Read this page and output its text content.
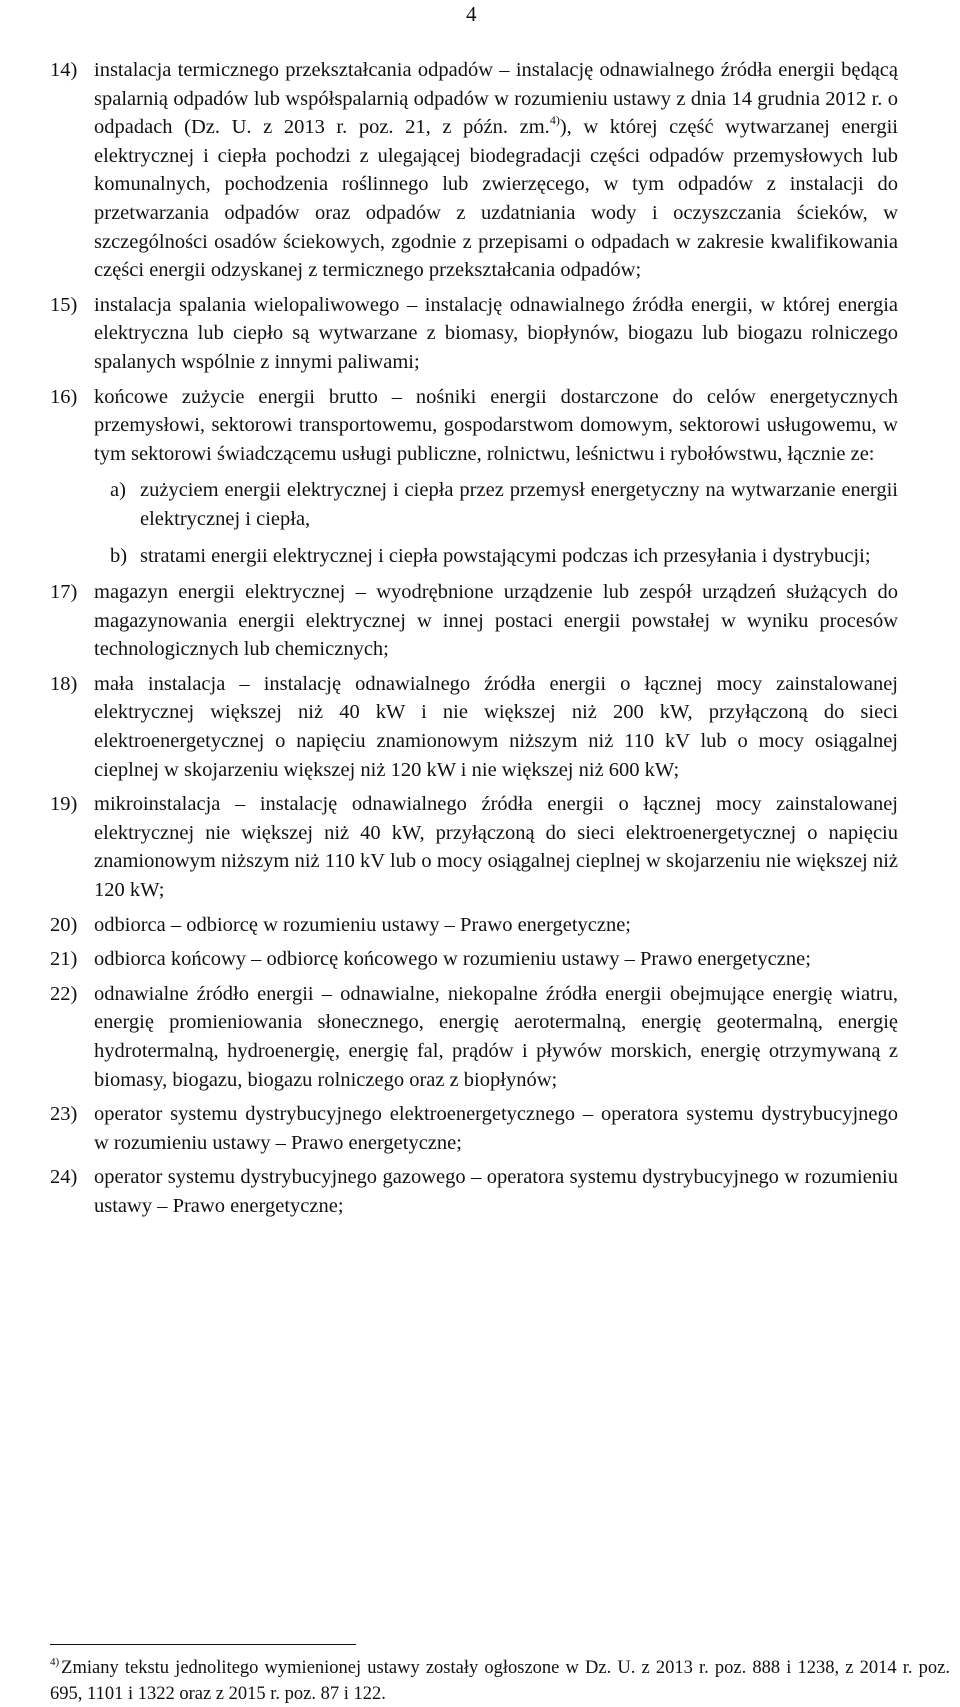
4
14) instalacja termicznego przekształcania odpadów – instalację odnawialnego źródła energii będącą spalarnią odpadów lub współspalarnią odpadów w rozumieniu ustawy z dnia 14 grudnia 2012 r. o odpadach (Dz. U. z 2013 r. poz. 21, z późn. zm.$^{4)}$), w której część wytwarzanej energii elektrycznej i ciepła pochodzi z ulegającej biodegradacji części odpadów przemysłowych lub komunalnych, pochodzenia roślinnego lub zwierzęcego, w tym odpadów z instalacji do przetwarzania odpadów oraz odpadów z uzdatniania wody i oczyszczania ścieków, w szczególności osadów ściekowych, zgodnie z przepisami o odpadach w zakresie kwalifikowania części energii odzyskanej z termicznego przekształcania odpadów;
15) instalacja spalania wielopaliwowego – instalację odnawialnego źródła energii, w której energia elektryczna lub ciepło są wytwarzane z biomasy, biopłynów, biogazu lub biogazu rolniczego spalanych wspólnie z innymi paliwami;
16) końcowe zużycie energii brutto – nośniki energii dostarczone do celów energetycznych przemysłowi, sektorowi transportowemu, gospodarstwom domowym, sektorowi usługowemu, w tym sektorowi świadczącemu usługi publiczne, rolnictwu, leśnictwu i rybołówstwu, łącznie ze:
a) zużyciem energii elektrycznej i ciepła przez przemysł energetyczny na wytwarzanie energii elektrycznej i ciepła,
b) stratami energii elektrycznej i ciepła powstającymi podczas ich przesyłania i dystrybucji;
17) magazyn energii elektrycznej – wyodrębnione urządzenie lub zespół urządzeń służących do magazynowania energii elektrycznej w innej postaci energii powstałej w wyniku procesów technologicznych lub chemicznych;
18) mała instalacja – instalację odnawialnego źródła energii o łącznej mocy zainstalowanej elektrycznej większej niż 40 kW i nie większej niż 200 kW, przyłączoną do sieci elektroenergetycznej o napięciu znamionowym niższym niż 110 kV lub o mocy osiągalnej cieplnej w skojarzeniu większej niż 120 kW i nie większej niż 600 kW;
19) mikroinstalacja – instalację odnawialnego źródła energii o łącznej mocy zainstalowanej elektrycznej nie większej niż 40 kW, przyłączoną do sieci elektroenergetycznej o napięciu znamionowym niższym niż 110 kV lub o mocy osiągalnej cieplnej w skojarzeniu nie większej niż 120 kW;
20) odbiorca – odbiorcę w rozumieniu ustawy – Prawo energetyczne;
21) odbiorca końcowy – odbiorcę końcowego w rozumieniu ustawy – Prawo energetyczne;
22) odnawialne źródło energii – odnawialne, niekopalne źródła energii obejmujące energię wiatru, energię promieniowania słonecznego, energię aerotermalną, energię geotermalną, energię hydrotermalną, hydroenergię, energię fal, prądów i pływów morskich, energię otrzymywaną z biomasy, biogazu, biogazu rolniczego oraz z biopłynów;
23) operator systemu dystrybucyjnego elektroenergetycznego – operatora systemu dystrybucyjnego w rozumieniu ustawy – Prawo energetyczne;
24) operator systemu dystrybucyjnego gazowego – operatora systemu dystrybucyjnego w rozumieniu ustawy – Prawo energetyczne;
$^{4)}$ Zmiany tekstu jednolitego wymienionej ustawy zostały ogłoszone w Dz. U. z 2013 r. poz. 888 i 1238, z 2014 r. poz. 695, 1101 i 1322 oraz z 2015 r. poz. 87 i 122.
